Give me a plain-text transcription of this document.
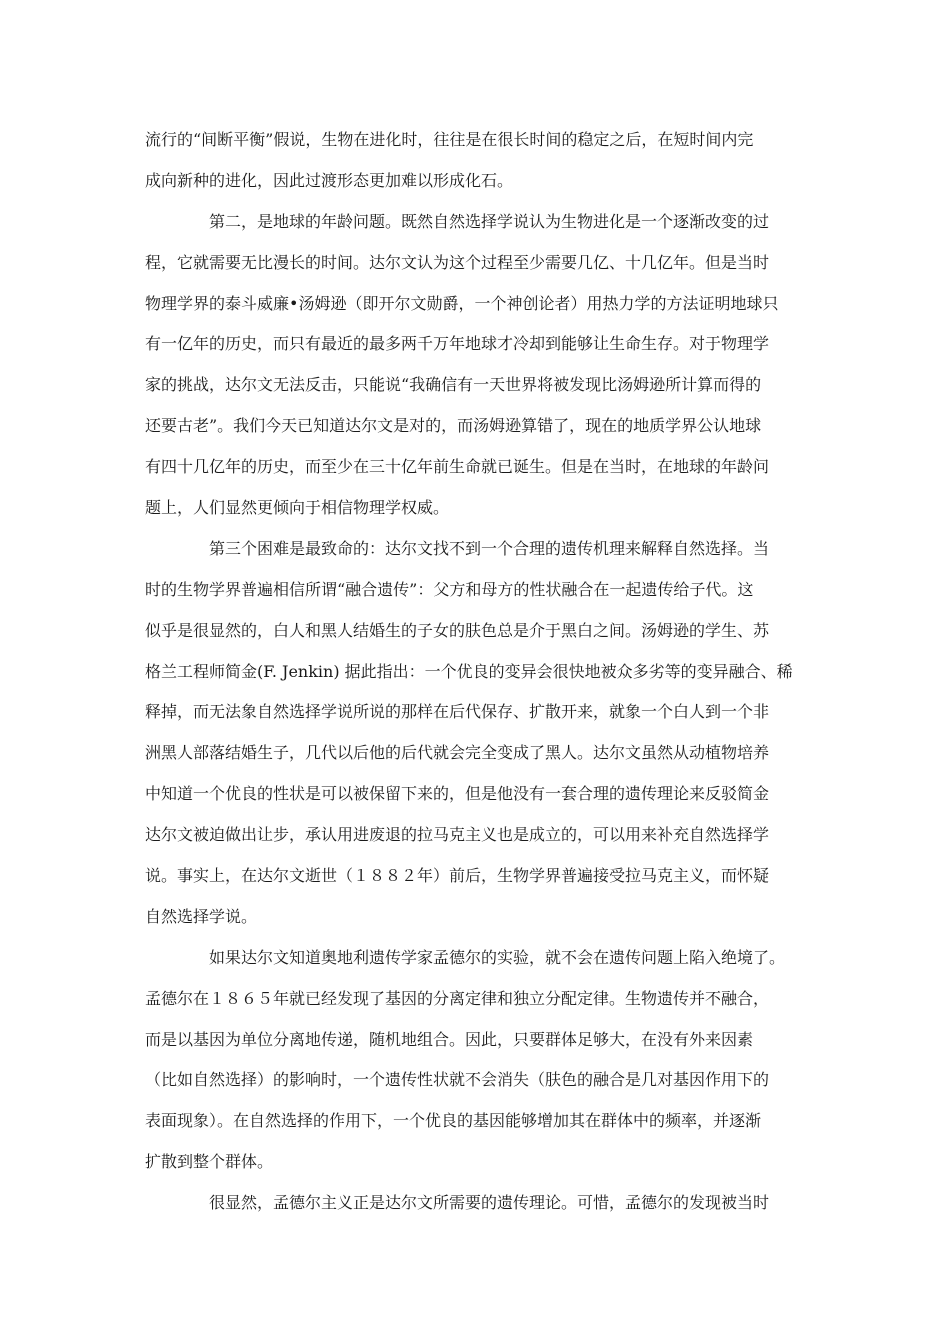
流行的“间断平衡”假说，生物在进化时，往往是在很长时间的稳定之后，在短时间内完
成向新种的进化，因此过渡形态更加难以形成化石。
第二，是地球的年龄问题。既然自然选择学说认为生物进化是一个逐渐改变的过
程，它就需要无比漫长的时间。达尔文认为这个过程至少需要几亿、十几亿年。但是当时
物理学界的泰斗威廉•汤姆逊（即开尔文勋爵，一个神创论者）用热力学的方法证明地球只
有一亿年的历史，而只有最近的最多两千万年地球才冷却到能够让生命生存。对于物理学
家的挑战，达尔文无法反击，只能说“我确信有一天世界将被发现比汤姆逊所计算而得的
还要古老”。我们今天已知道达尔文是对的，而汤姆逊算错了，现在的地质学界公认地球
有四十几亿年的历史，而至少在三十亿年前生命就已诞生。但是在当时，在地球的年龄问
题上，人们显然更倾向于相信物理学权威。
第三个困难是最致命的：达尔文找不到一个合理的遗传机理来解释自然选择。当
时的生物学界普遍相信所谓“融合遗传”：父方和母方的性状融合在一起遗传给子代。这
似乎是很显然的，白人和黑人结婚生的子女的肤色总是介于黑白之间。汤姆逊的学生、苏
格兰工程师简金(F. Jenkin) 据此指出：一个优良的变异会很快地被众多劣等的变异融合、稀
释掉，而无法象自然选择学说所说的那样在后代保存、扩散开来，就象一个白人到一个非
洲黑人部落结婚生子，几代以后他的后代就会完全变成了黑人。达尔文虽然从动植物培养
中知道一个优良的性状是可以被保留下来的，但是他没有一套合理的遗传理论来反驳简金
达尔文被迫做出让步，承认用进废退的拉马克主义也是成立的，可以用来补充自然选择学
说。事实上，在达尔文逝世（１８８２年）前后，生物学界普遍接受拉马克主义，而怀疑
自然选择学说。
如果达尔文知道奥地利遗传学家孟德尔的实验，就不会在遗传问题上陷入绝境了。
孟德尔在１８６５年就已经发现了基因的分离定律和独立分配定律。生物遗传并不融合，
而是以基因为单位分离地传递，随机地组合。因此，只要群体足够大，在没有外来因素
（比如自然选择）的影响时，一个遗传性状就不会消失（肤色的融合是几对基因作用下的
表面现象）。在自然选择的作用下，一个优良的基因能够增加其在群体中的频率，并逐渐
扩散到整个群体。
很显然，孟德尔主义正是达尔文所需要的遗传理论。可惜，孟德尔的发现被当时
